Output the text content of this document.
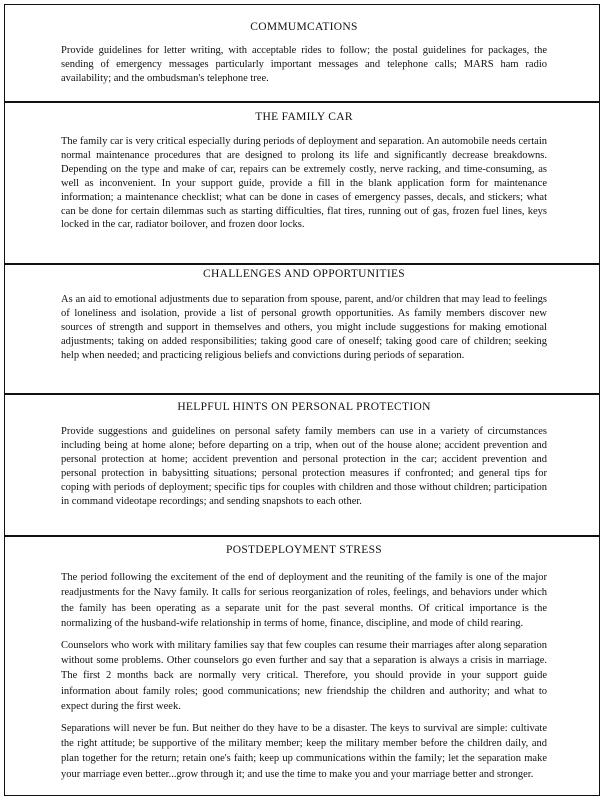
COMMUMCATIONS

Provide guidelines for letter writing, with acceptable rides to follow; the postal guidelines for packages, the sending of emergency messages particularly important messages and telephone calls; MARS ham radio availability; and the ombudsman's telephone tree.

THE FAMILY CAR

The family car is very critical especially during periods of deployment and separation. An automobile needs certain normal maintenance procedures that are designed to prolong its life and significantly decrease breakdowns. Depending on the type and make of car, repairs can be extremely costly, nerve racking, and time-consuming, as well as inconvenient. In your support guide, provide a fill in the blank application form for maintenance information; a maintenance checklist; what can be done in cases of emergency passes, decals, and stickers; what can be done for certain dilemmas such as starting difficulties, flat tires, running out of gas, frozen fuel lines, keys locked in the car, radiator boilover, and frozen door locks.

CHALLENGES AND OPPORTUNITIES

As an aid to emotional adjustments due to separation from spouse, parent, and/or children that may lead to feelings of loneliness and isolation, provide a list of personal growth opportunities. As family members discover new sources of strength and support in themselves and others, you might include suggestions for making emotional adjustments; taking on added responsibilities; taking good care of oneself; taking good care of children; seeking help when needed; and practicing religious beliefs and convictions during periods of separation.

HELPFUL HINTS ON PERSONAL PROTECTION

Provide suggestions and guidelines on personal safety family members can use in a variety of circumstances including being at home alone; before departing on a trip, when out of the house alone; accident prevention and personal protection at home; accident prevention and personal protection in the car; accident prevention and personal protection in babysitting situations; personal protection measures if confronted; and general tips for coping with periods of deployment; specific tips for couples with children and those without children; participation in command videotape recordings; and sending snapshots to each other.

POSTDEPLOYMENT STRESS

The period following the excitement of the end of deployment and the reuniting of the family is one of the major readjustments for the Navy family. It calls for serious reorganization of roles, feelings, and behaviors under which the family has been operating as a separate unit for the past several months. Of critical importance is the normalizing of the husband-wife relationship in terms of home, finance, discipline, and mode of child rearing.

Counselors who work with military families say that few couples can resume their marriages after along separation without some problems. Other counselors go even further and say that a separation is always a crisis in marriage. The first 2 months back are normally very critical. Therefore, you should provide in your support guide information about family roles; good communications; new friendship the children and authority; and what to expect during the first week.

Separations will never be fun. But neither do they have to be a disaster. The keys to survival are simple: cultivate the right attitude; be supportive of the military member; keep the military member before the children daily, and plan together for the return; retain one's faith; keep up communications within the family; let the separation make your marriage even better...grow through it; and use the time to make you and your marriage better and stronger.
